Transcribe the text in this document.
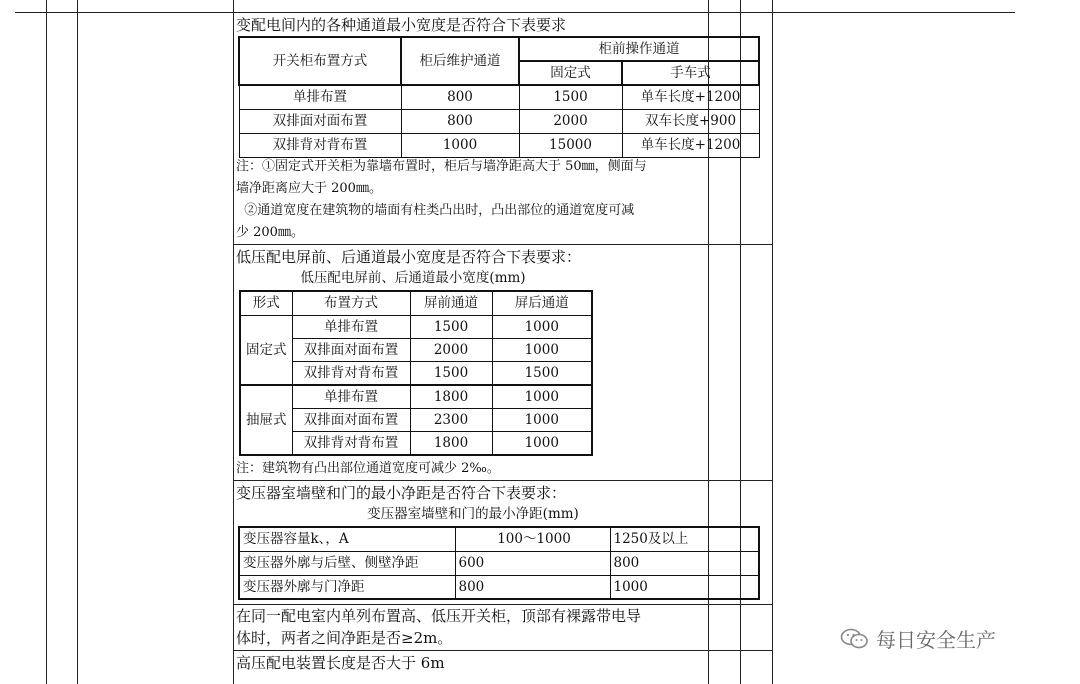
变配电间内的各种通道最小宽度是否符合下表要求
开关柜布置方式	柜后维护通道	柜前操作通道	
		固定式	手车式
单排布置	800	1500	单车长度+1200
双排面对面布置	800	2000	双车长度+900
双排背对背布置	1000	15000	单车长度+1200
注：①固定式开关柜为靠墙布置时，柜后与墙净距高大于 50㎜，侧面与
墙净距离应大于 200㎜。
②通道宽度在建筑物的墙面有柱类凸出时，凸出部位的通道宽度可减
少 200㎜。
低压配电屏前、后通道最小宽度是否符合下表要求：
低压配电屏前、后通道最小宽度(mm)
形式	布置方式	屏前通道	屏后通道
固定式	单排布置	1500	1000
	双排面对面布置	2000	1000
	双排背对背布置	1500	1500
抽屉式	单排布置	1800	1000
	双排面对面布置	2300	1000
	双排背对背布置	1800	1000
注：建筑物有凸出部位通道宽度可减少 2‰。
变压器室墙壁和门的最小净距是否符合下表要求：
变压器室墙壁和门的最小净距(mm)
变压器容量k、，A	100～1000	1250及以上
变压器外廓与后壁、侧壁净距	600	800
变压器外廓与门净距	800	1000
在同一配电室内单列布置高、低压开关柜，顶部有裸露带电导
体时，两者之间净距是否≥2m。
高压配电装置长度是否大于 6m
每日安全生产
